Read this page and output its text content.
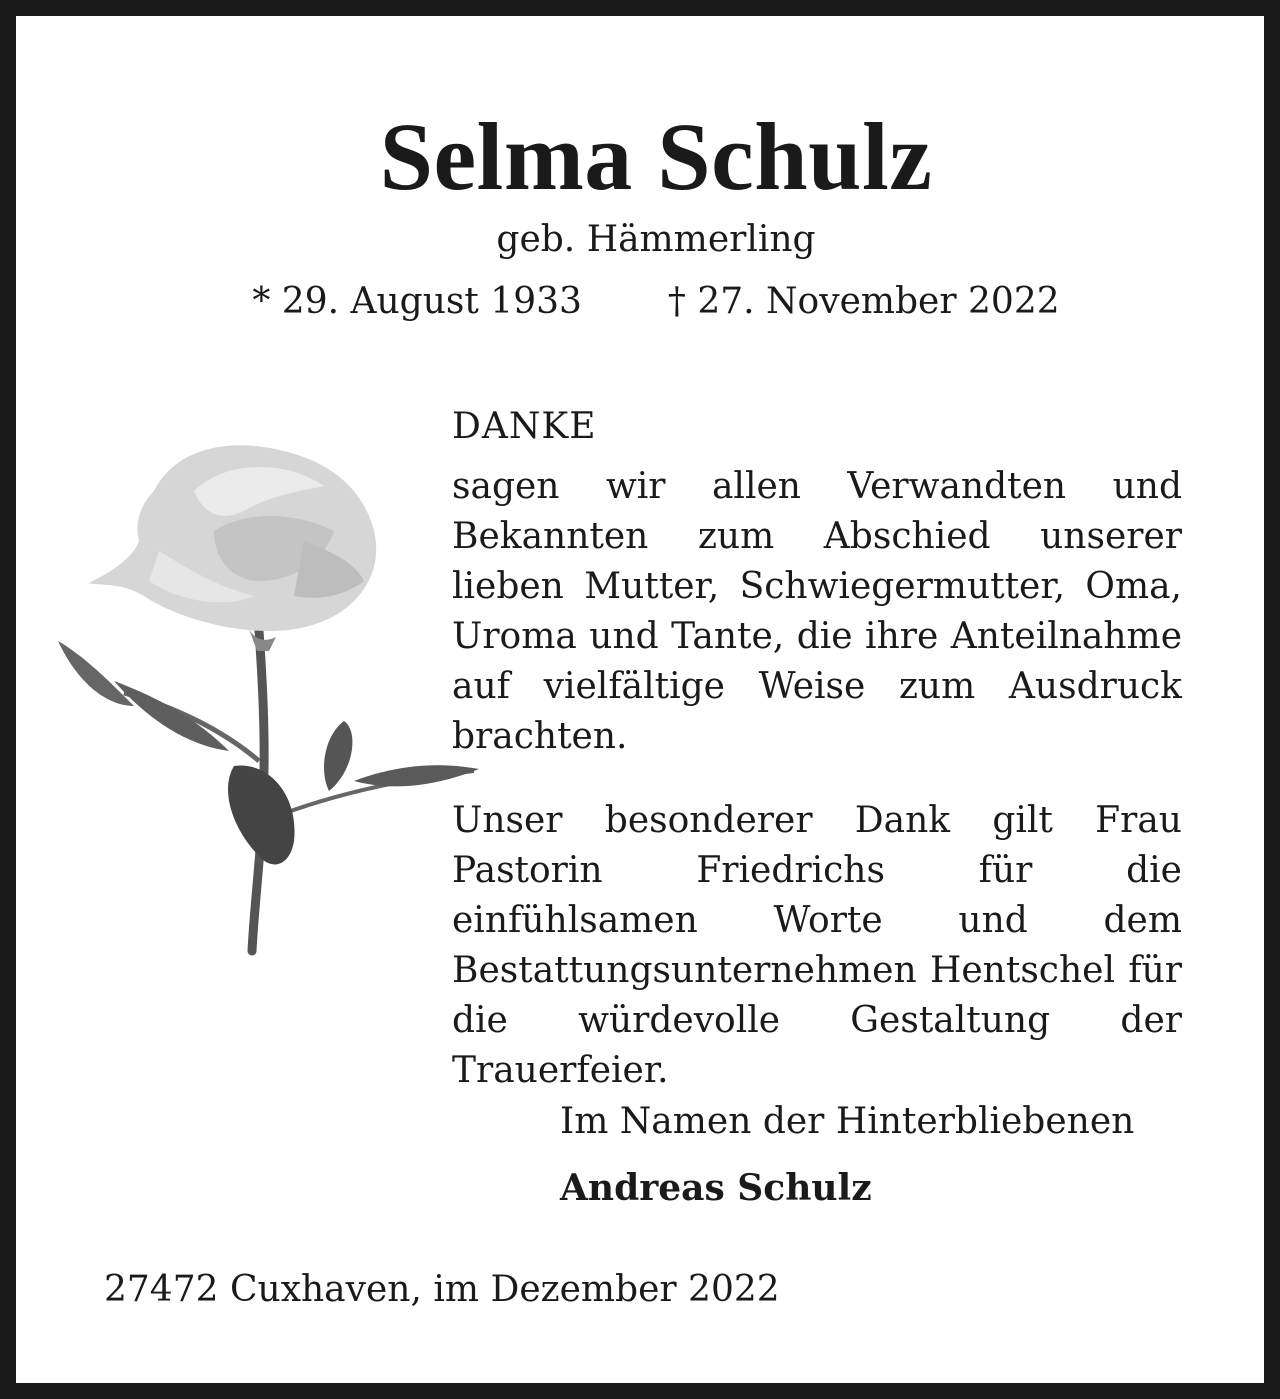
Selma Schulz
geb. Hämmerling
* 29. August 1933 † 27. November 2022
DANKE
sagen wir allen Verwandten und Bekannten zum Abschied unserer lieben Mutter, Schwiegermutter, Oma, Uroma und Tante, die ihre Anteilnahme auf vielfältige Weise zum Ausdruck brachten.
Unser besonderer Dank gilt Frau Pastorin Friedrichs für die einfühlsamen Worte und dem Bestattungsunternehmen Hentschel für die würdevolle Gestaltung der Trauerfeier.
Im Namen der Hinterbliebenen
Andreas Schulz
27472 Cuxhaven, im Dezember 2022
